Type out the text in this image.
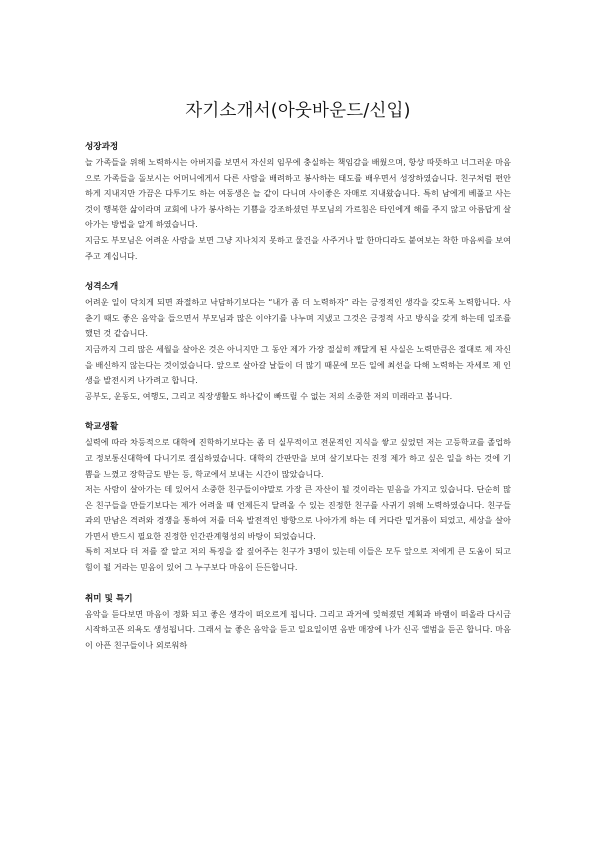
자기소개서(아웃바운드/신입)
성장과정

늘 가족들을 위해 노력하시는 아버지를 보면서 자신의 임무에 충실하는 책임감을 배웠으며, 항상 따뜻하고 너그러운 마음으로 가족들을 돌보시는 어머니에게서 다른 사람을 배려하고 봉사하는 태도를 배우면서 성장하였습니다. 친구처럼 편안하게 지내지만 가끔은 다투기도 하는 여동생은 늘 같이 다니며 사이좋은 자매로 지내왔습니다. 특히 남에게 베풀고 사는 것이 행복한 삶이라며 교회에 나가 봉사하는 기쁨을 강조하셨던 부모님의 가르침은 타인에게 해를 주지 않고 아름답게 살아가는 방법을 알게 하였습니다.

지금도 부모님은 어려운 사람을 보면 그냥 지나치지 못하고 물건을 사주거나 말 한마디라도 붙여보는 착한 마음씨를 보여주고 계십니다.

성격소개

어려운 일이 닥치게 되면 좌절하고 낙담하기보다는 “내가 좀 더 노력하자” 라는 긍정적인 생각을 갖도록 노력합니다. 사춘기 때도 좋은 음악을 들으면서 부모님과 많은 이야기를 나누며 지냈고 그것은 긍정적 사고 방식을 갖게 하는데 일조를 했던 것 같습니다.

지금까지 그리 많은 세월을 살아온 것은 아니지만 그 동안 제가 가장 절실히 깨달게 된 사실은 노력만큼은 절대로 제 자신을 배신하지 않는다는 것이었습니다. 앞으로 살아갈 날들이 더 많기 때문에 모든 일에 최선을 다해 노력하는 자세로 제 인생을 발전시켜 나가려고 합니다.

공부도, 운동도, 여행도, 그리고 직장생활도 하나같이 빠뜨릴 수 없는 저의 소중한 저의 미래라고 봅니다.

학교생활

실력에 따라 차등적으로 대학에 진학하기보다는 좀 더 실무적이고 전문적인 지식을 쌓고 싶었던 저는 고등학교를 졸업하고 정보통신대학에 다니기로 결심하였습니다. 대학의 간판만을 보며 살기보다는 진정 제가 하고 싶은 일을 하는 것에 기쁨을 느꼈고 장학금도 받는 등, 학교에서 보내는 시간이 많았습니다.

저는 사람이 살아가는 데 있어서 소중한 친구들이야말로 가장 큰 자산이 될 것이라는 믿음을 가지고 있습니다. 단순히 많은 친구들을 만들기보다는 제가 어려울 때 언제든지 달려올 수 있는 진정한 친구를 사귀기 위해 노력하였습니다. 친구들과의 만남은 격려와 경쟁을 통하여 저를 더욱 발전적인 방향으로 나아가게 하는 데 커다란 밑거름이 되었고, 세상을 살아가면서 반드시 필요한 진정한 인간관계형성의 바탕이 되었습니다.

특히 저보다 더 저를 잘 알고 저의 특징을 잘 짚어주는 친구가 3명이 있는데 이들은 모두 앞으로 저에게 큰 도움이 되고 힘이 될 거라는 믿음이 있어 그 누구보다 마음이 든든합니다.

취미 및 특기

음악을 듣다보면 마음이 정화 되고 좋은 생각이 떠오르게 됩니다. 그리고 과거에 잊혀졌던 계획과 바램이 떠올라 다시금 시작하고픈 의욕도 생성됩니다. 그래서 늘 좋은 음악을 듣고 일요일이면 음반 매장에 나가 신곡 앨범을 듣곤 합니다. 마음이 아픈 친구들이나 외로워하
